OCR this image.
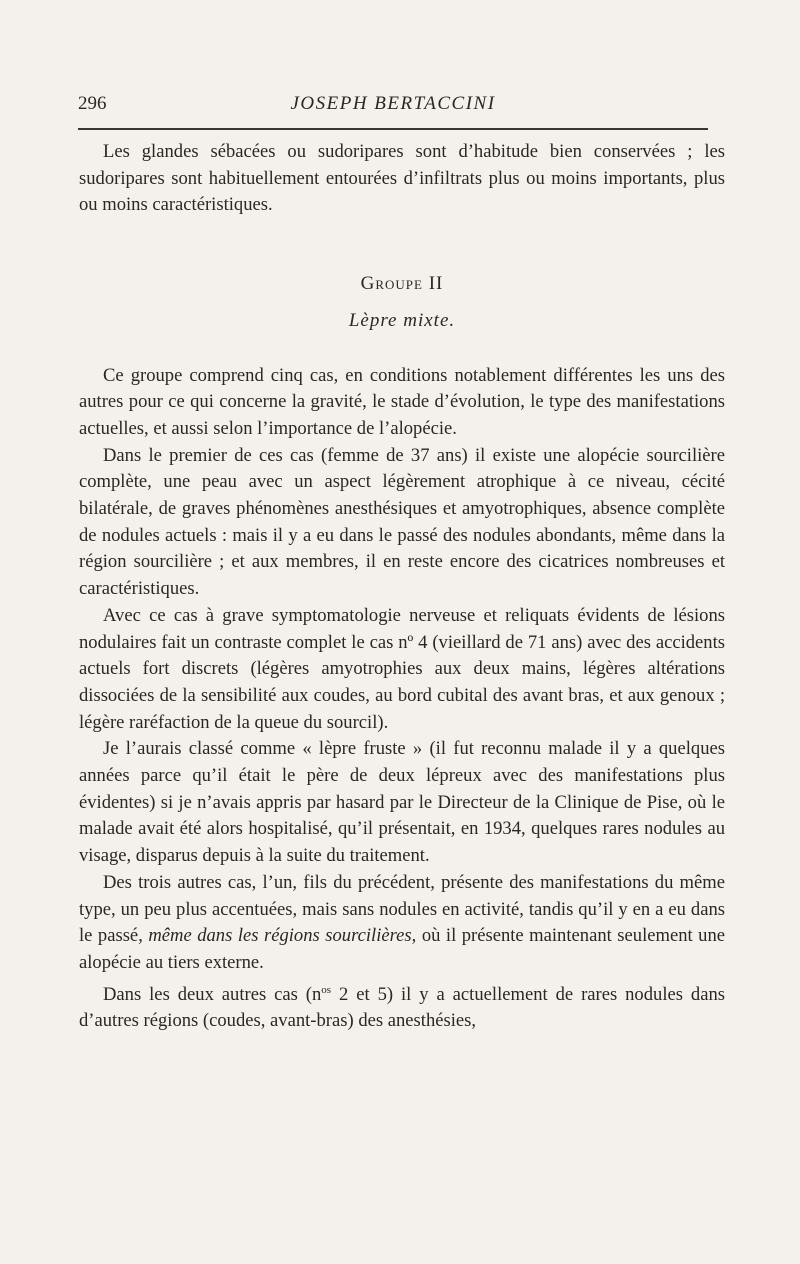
296	JOSEPH BERTACCINI

Les glandes sébacées ou sudoripares sont d’habitude bien conservées ; les sudoripares sont habituellement entourées d’infiltrats plus ou moins importants, plus ou moins caractéristiques.

Groupe II
Lèpre mixte.

Ce groupe comprend cinq cas, en conditions notablement différentes les uns des autres pour ce qui concerne la gravité, le stade d’évolution, le type des manifestations actuelles, et aussi selon l’importance de l’alopécie.

Dans le premier de ces cas (femme de 37 ans) il existe une alopécie sourcilière complète, une peau avec un aspect légèrement atrophique à ce niveau, cécité bilatérale, de graves phénomènes anesthésiques et amyotrophiques, absence complète de nodules actuels : mais il y a eu dans le passé des nodules abondants, même dans la région sourcilière ; et aux membres, il en reste encore des cicatrices nombreuses et caractéristiques.

Avec ce cas à grave symptomatologie nerveuse et reliquats évidents de lésions nodulaires fait un contraste complet le cas nº 4 (vieillard de 71 ans) avec des accidents actuels fort discrets (légères amyotrophies aux deux mains, légères altérations dissociées de la sensibilité aux coudes, au bord cubital des avant bras, et aux genoux ; légère raréfaction de la queue du sourcil).

Je l’aurais classé comme « lèpre fruste » (il fut reconnu malade il y a quelques années parce qu’il était le père de deux lépreux avec des manifestations plus évidentes) si je n’avais appris par hasard par le Directeur de la Clinique de Pise, où le malade avait été alors hospitalisé, qu’il présentait, en 1934, quelques rares nodules au visage, disparus depuis à la suite du traitement.

Des trois autres cas, l’un, fils du précédent, présente des manifestations du même type, un peu plus accentuées, mais sans nodules en activité, tandis qu’il y en a eu dans le passé, même dans les régions sourcilières, où il présente maintenant seulement une alopécie au tiers externe.

Dans les deux autres cas ($n^{os}$ 2 et 5) il y a actuellement de rares nodules dans d’autres régions (coudes, avant-bras) des anesthésies,
